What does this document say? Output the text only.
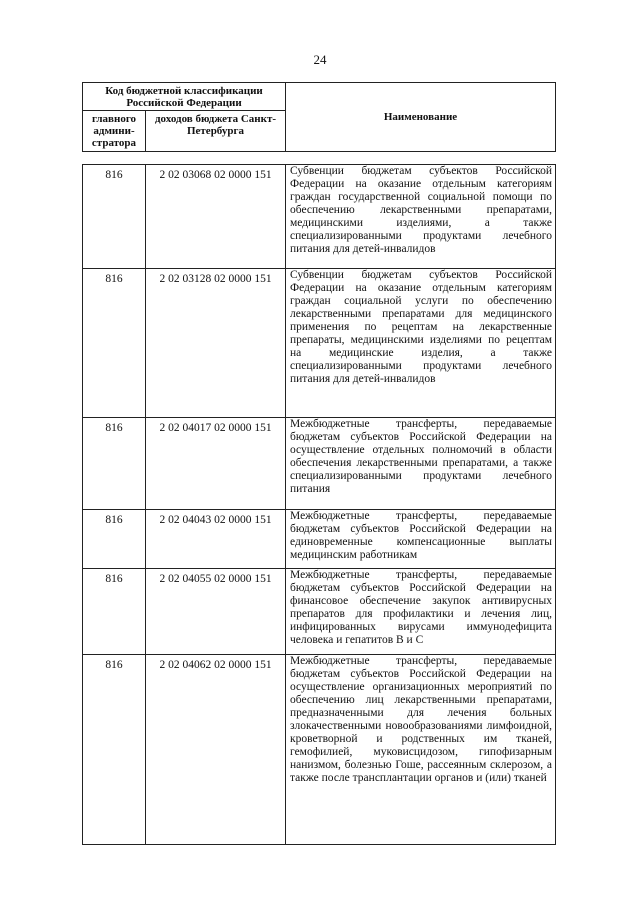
24
Код бюджетной классификации Российской Федерации		Наименование
главного админи-стратора	доходов бюджета Санкт-Петербурга	
816	2 02 03068 02 0000 151	Субвенции бюджетам субъектов Российской Федерации на оказание отдельным категориям граждан государственной социальной помощи по обеспечению лекарственными препаратами, медицинскими изделиями, а также специализированными продуктами лечебного питания для детей-инвалидов
816	2 02 03128 02 0000 151	Субвенции бюджетам субъектов Российской Федерации на оказание отдельным категориям граждан социальной услуги по обеспечению лекарственными препаратами для медицинского применения по рецептам на лекарственные препараты, медицинскими изделиями по рецептам на медицинские изделия, а также специализированными продуктами лечебного питания для детей-инвалидов
816	2 02 04017 02 0000 151	Межбюджетные трансферты, передаваемые бюджетам субъектов Российской Федерации на осуществление отдельных полномочий в области обеспечения лекарственными препаратами, а также специализированными продуктами лечебного питания
816	2 02 04043 02 0000 151	Межбюджетные трансферты, передаваемые бюджетам субъектов Российской Федерации на единовременные компенсационные выплаты медицинским работникам
816	2 02 04055 02 0000 151	Межбюджетные трансферты, передаваемые бюджетам субъектов Российской Федерации на финансовое обеспечение закупок антивирусных препаратов для профилактики и лечения лиц, инфицированных вирусами иммунодефицита человека и гепатитов В и С
816	2 02 04062 02 0000 151	Межбюджетные трансферты, передаваемые бюджетам субъектов Российской Федерации на осуществление организационных мероприятий по обеспечению лиц лекарственными препаратами, предназначенными для лечения больных злокачественными новообразованиями лимфоидной, кроветворной и родственных им тканей, гемофилией, муковисцидозом, гипофизарным нанизмом, болезнью Гоше, рассеянным склерозом, а также после трансплантации органов и (или) тканей
